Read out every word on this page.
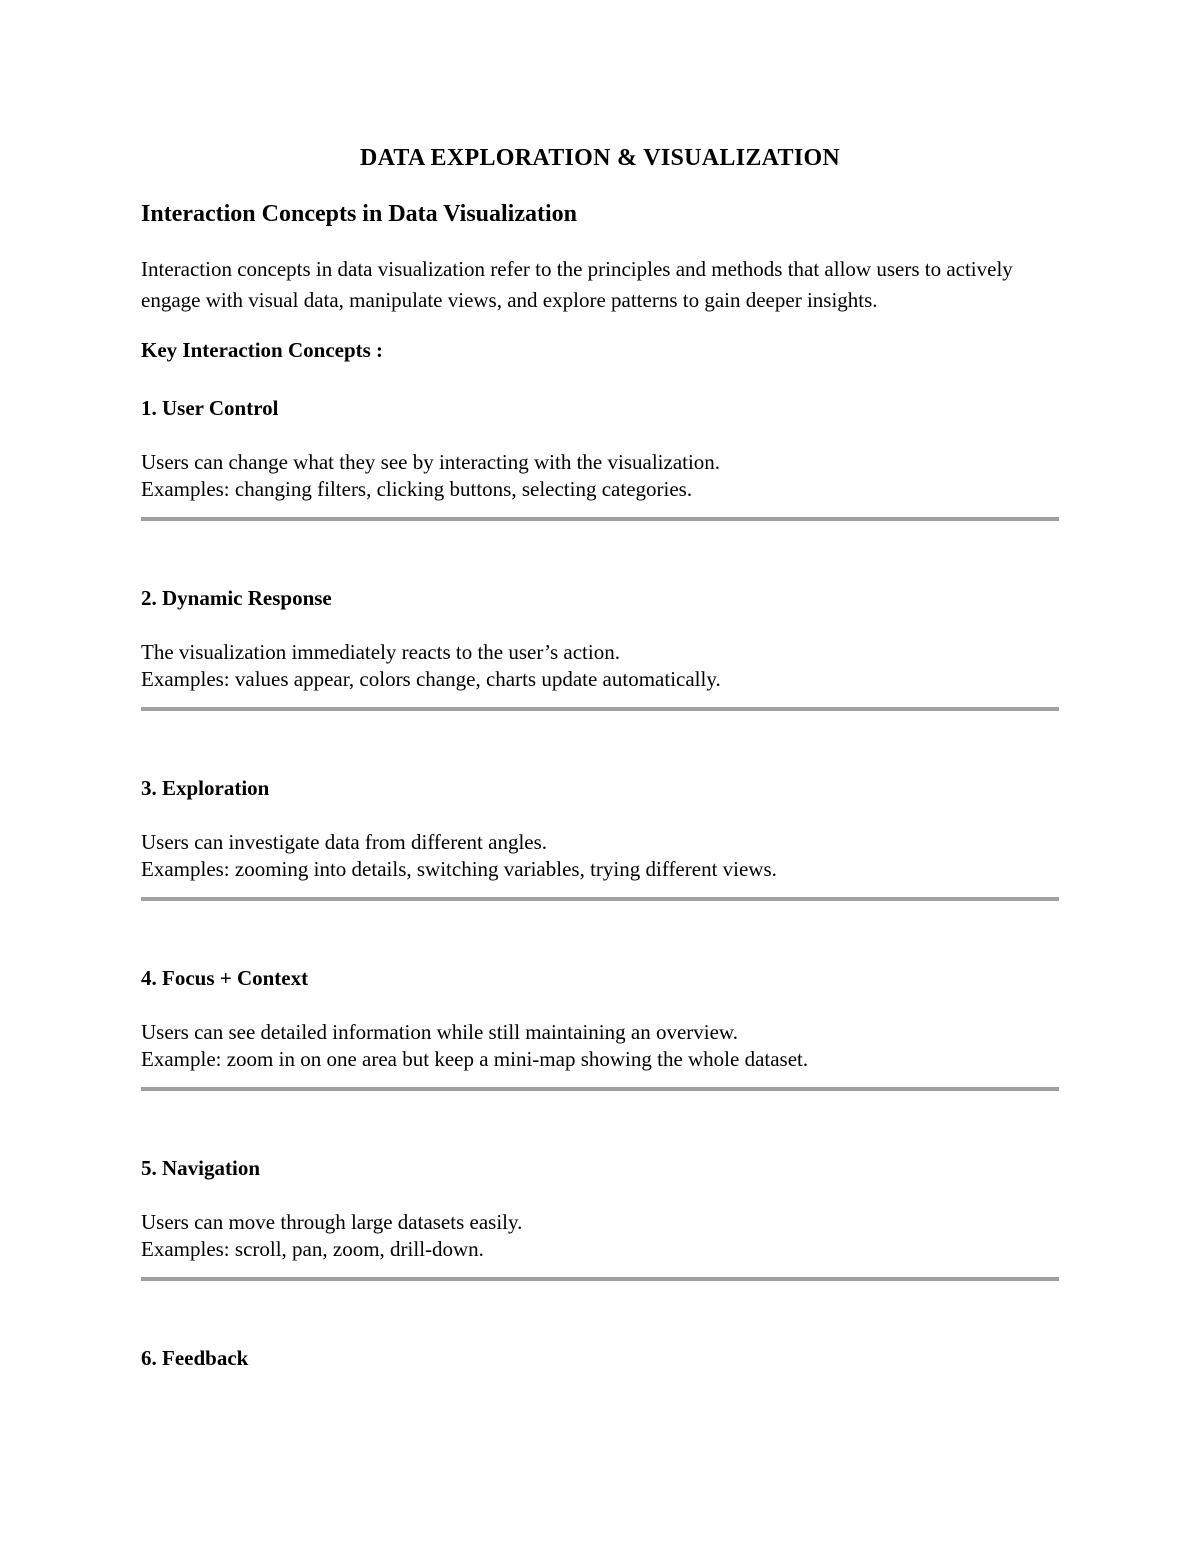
DATA EXPLORATION & VISUALIZATION
Interaction Concepts in Data Visualization

Interaction concepts in data visualization refer to the principles and methods that allow users to actively engage with visual data, manipulate views, and explore patterns to gain deeper insights.

Key Interaction Concepts :

1. User Control

Users can change what they see by interacting with the visualization.

Examples: changing filters, clicking buttons, selecting categories.

2. Dynamic Response

The visualization immediately reacts to the user’s action.

Examples: values appear, colors change, charts update automatically.

3. Exploration

Users can investigate data from different angles.

Examples: zooming into details, switching variables, trying different views.

4. Focus + Context

Users can see detailed information while still maintaining an overview.

Example: zoom in on one area but keep a mini-map showing the whole dataset.

5. Navigation

Users can move through large datasets easily.

Examples: scroll, pan, zoom, drill-down.

6. Feedback
